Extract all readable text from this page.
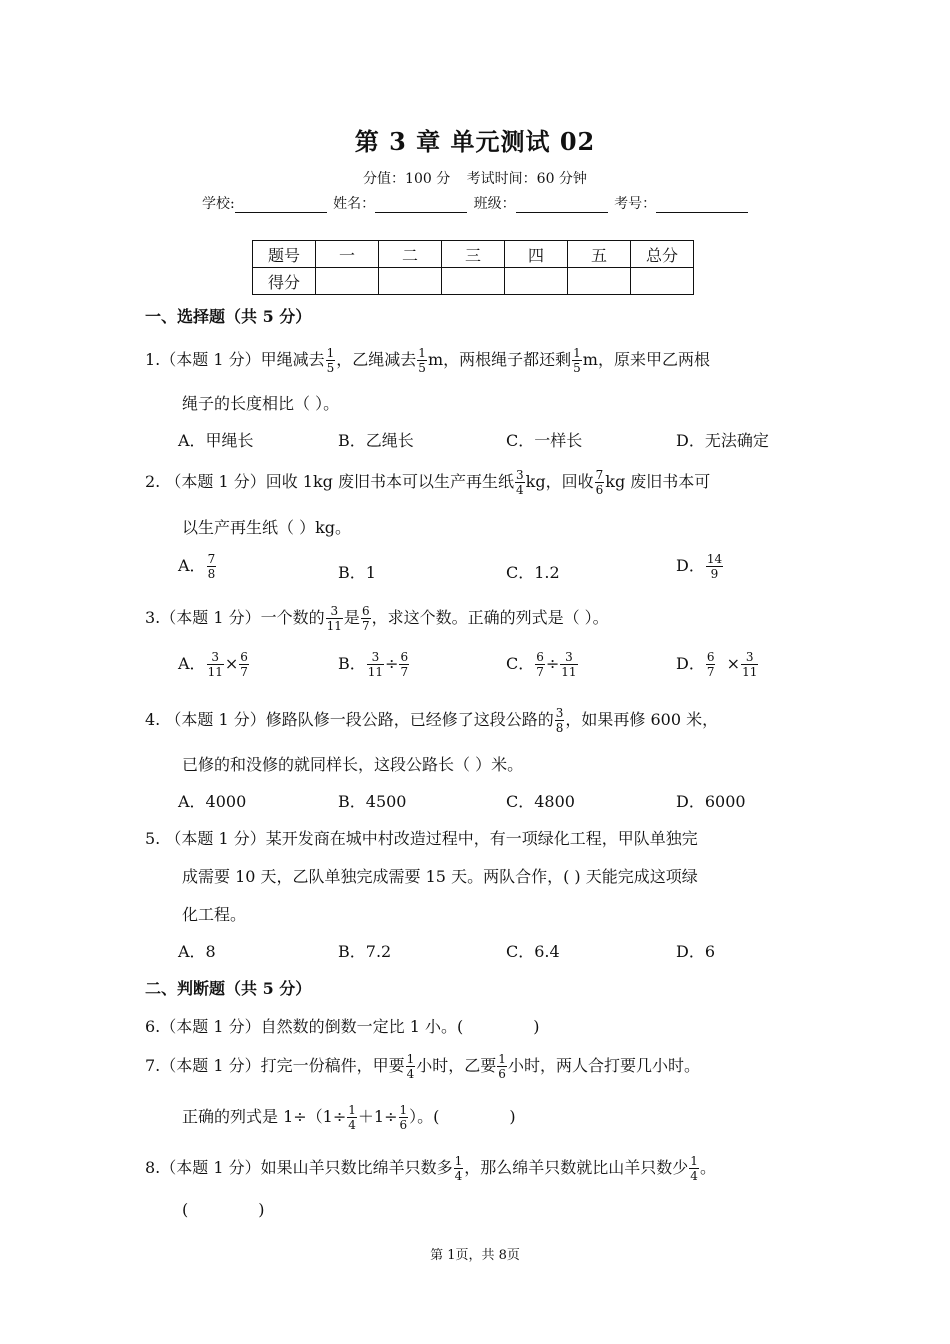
第 3 章 单元测试 02
分值：100 分 考试时间：60 分钟
学校:	姓名：	班级：	考号：
题号	一	二	三	四	五	总分
得分						
一、选择题（共 5 分）
1.（本题 1 分）甲绳减去 $\frac{1}{5}$ ，乙绳减去 $\frac{1}{5}$ m，两根绳子都还剩 $\frac{1}{5}$ m，原来甲乙两根
绳子的长度相比（ ）。
A．甲绳长	B．乙绳长	C．一样长	D．无法确定
2. （本题 1 分）回收 1kg 废旧书本可以生产再生纸 $\frac{3}{4}$ kg，回收 $\frac{7}{6}$ kg 废旧书本可
以生产再生纸（ ）kg。
A． $\frac{7}{8}$	B．1	C．1.2	D． $\frac{14}{9}$
3.（本题 1 分）一个数的 $\frac{3}{11}$ 是 $\frac{6}{7}$ ，求这个数。正确的列式是（ ）。
A． $\frac{3}{11} \times \frac{6}{7}$	B． $\frac{3}{11} \div \frac{6}{7}$	C． $\frac{6}{7} \div \frac{3}{11}$	D． $\frac{6}{7} \times \frac{3}{11}$
4. （本题 1 分）修路队修一段公路，已经修了这段公路的 $\frac{3}{8}$ ，如果再修 600 米，
已修的和没修的就同样长，这段公路长（ ）米。
A．4000	B．4500	C．4800	D．6000
5. （本题 1 分）某开发商在城中村改造过程中，有一项绿化工程，甲队单独完
成需要 10 天，乙队单独完成需要 15 天。两队合作，( ) 天能完成这项绿
化工程。
A．8	B．7.2	C．6.4	D．6
二、判断题（共 5 分）
6.（本题 1 分）自然数的倒数一定比 1 小。(	)
7.（本题 1 分）打完一份稿件，甲要 $\frac{1}{4}$ 小时，乙要 $\frac{1}{6}$ 小时，两人合打要几小时。
正确的列式是 $1\div(1\div \frac{1}{4} +1\div \frac{1}{6}$ ）。(	)
8.（本题 1 分）如果山羊只数比绵羊只数多 $\frac{1}{4}$ ，那么绵羊只数就比山羊只数少 $\frac{1}{4}$ 。
(	)
第 1页，共 8页
